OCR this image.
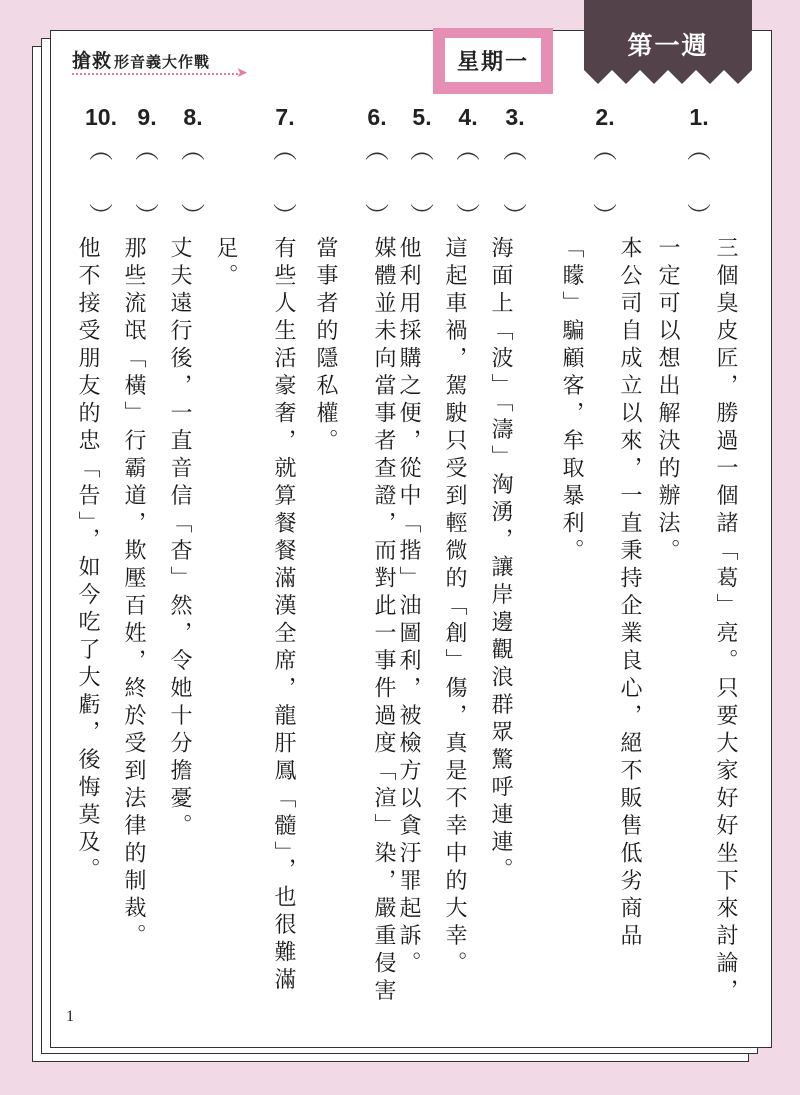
搶救 形音義大作戰
➤	星期一
第一週
1.
2.
3.
4.
5.
6.
7.
8.
9.
10.
︵
︶
︵
︶
︵
︶
︵
︶
︵
︶
︵
︶
︵
︶
︵
︶
︵
︶
︵
︶
三個臭皮匠，勝過一個諸「葛」亮。只要大家好好坐下來討論，一定可以想出解決的辦法。
本公司自成立以來，一直秉持企業良心，絕不販售低劣商品「矇」騙顧客，牟取暴利。
海面上「波」「濤」洶湧，讓岸邊觀浪群眾驚呼連連。
這起車禍，駕駛只受到輕微的「創」傷，真是不幸中的大幸。
他利用採購之便，從中「揩」油圖利，被檢方以貪汙罪起訴。
媒體並未向當事者查證，而對此一事件過度「渲」染，嚴重侵害當事者的隱私權。
有些人生活豪奢，就算餐餐滿漢全席，龍肝鳳「髓」，也很難滿足。
丈夫遠行後，一直音信「杳」然，令她十分擔憂。
那些流氓「橫」行霸道，欺壓百姓，終於受到法律的制裁。
他不接受朋友的忠「告」，如今吃了大虧，後悔莫及。
1
